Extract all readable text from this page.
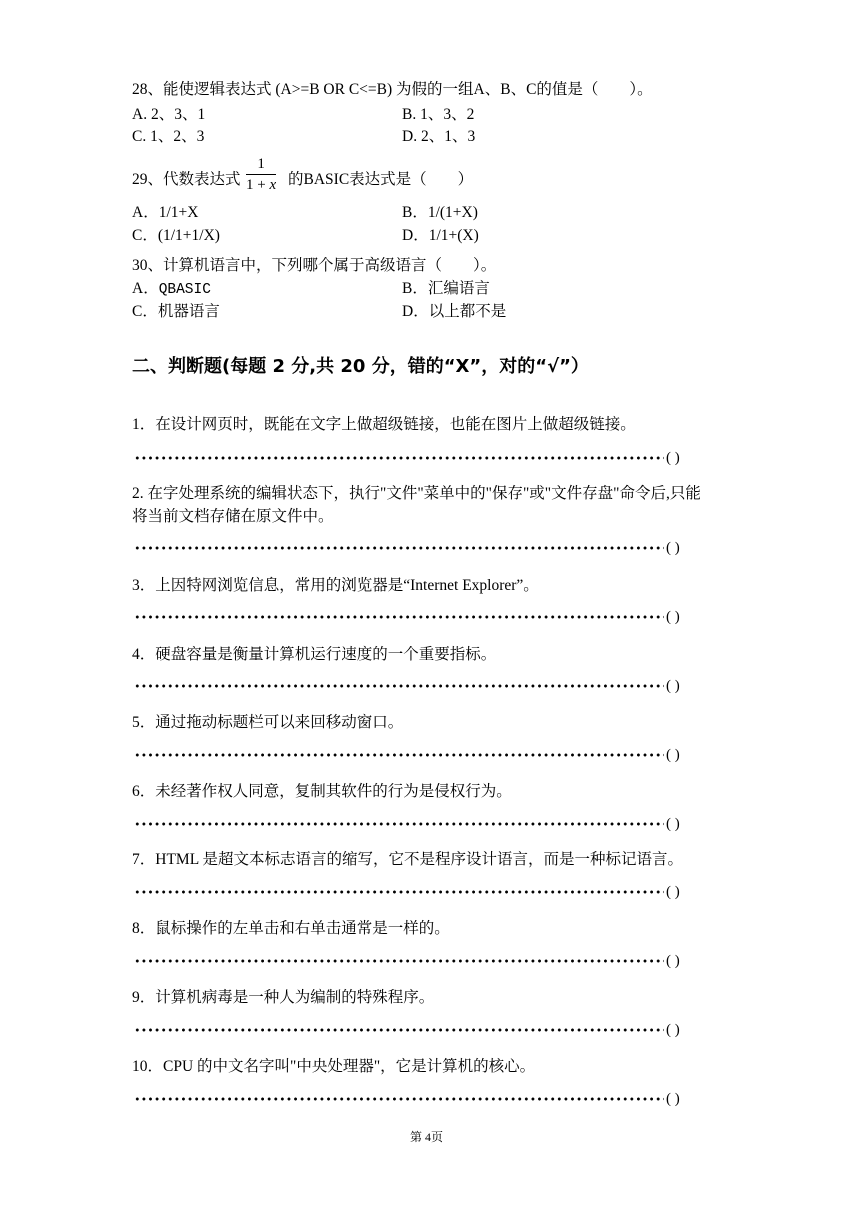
28、能使逻辑表达式 (A>=B OR C<=B) 为假的一组A、B、C的值是（　　）。
A. 2、3、1	B. 1、3、2
C. 1、2、3	D. 2、1、3
29、代数表达式
1
1 + x 的BASIC表达式是（　　）
A．1/1+X	B．1/(1+X)
C．(1/1+1/X)	D．1/1+(X)
30、计算机语言中，下列哪个属于高级语言（　　）。
A．QBASIC	B．汇编语言
C．机器语言	D．以上都不是
二、判断题(每题 2 分,共 20 分，错的“X”，对的“√”）
1．在设计网页时，既能在文字上做超级链接，也能在图片上做超级链接。
( )
2. 在字处理系统的编辑状态下，执行"文件"菜单中的"保存"或"文件存盘"命令后,只能
将当前文档存储在原文件中。
( )
3．上因特网浏览信息，常用的浏览器是“Internet Explorer”。
( )
4．硬盘容量是衡量计算机运行速度的一个重要指标。
( )
5．通过拖动标题栏可以来回移动窗口。
( )
6．未经著作权人同意，复制其软件的行为是侵权行为。
( )
7．HTML 是超文本标志语言的缩写，它不是程序设计语言，而是一种标记语言。
( )
8．鼠标操作的左单击和右单击通常是一样的。
( )
9．计算机病毒是一种人为编制的特殊程序。
( )
10．CPU 的中文名字叫"中央处理器"，它是计算机的核心。
( )
第 4页
